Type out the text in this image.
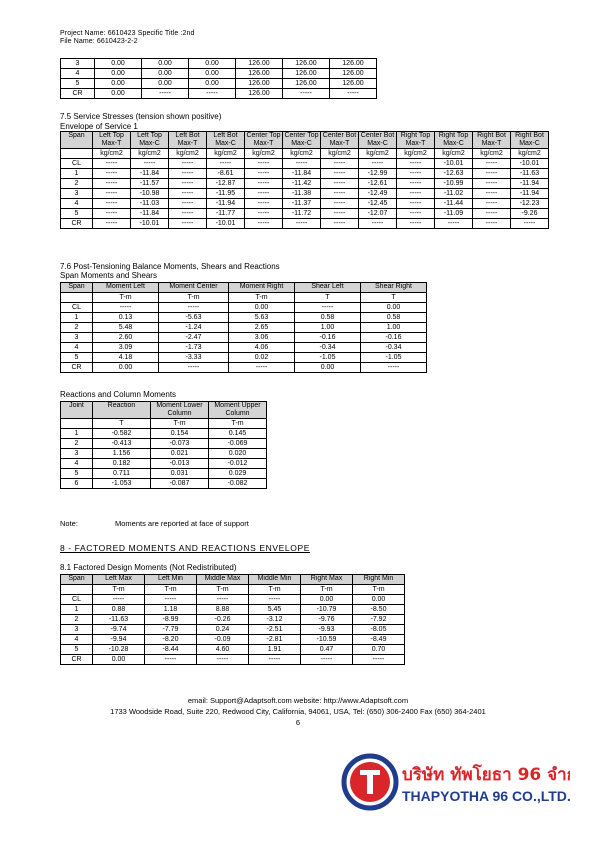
Project Name: 6610423 Specific Title :2nd
File Name: 6610423-2-2
3	0.00	0.00	0.00	126.00	126.00	126.00
4	0.00	0.00	0.00	126.00	126.00	126.00
5	0.00	0.00	0.00	126.00	126.00	126.00
CR	0.00	-----	-----	126.00	-----	-----
7.5 Service Stresses (tension shown positive)
Envelope of Service 1
Span	Left Top Max-T	Left Top Max-C	Left Bot Max-T	Left Bot Max-C	Center Top Max-T	Center Top Max-C	Center Bot Max-T	Center Bot Max-C	Right Top Max-T	Right Top Max-C	Right Bot Max-T	Right Bot Max-C
	kg/cm2	kg/cm2	kg/cm2	kg/cm2	kg/cm2	kg/cm2	kg/cm2	kg/cm2	kg/cm2	kg/cm2	kg/cm2	kg/cm2
CL	-----	-----	-----	-----	-----	-----	-----	-----	-----	-10.01	-----	-10.01
1	-----	-11.84	-----	-8.61	-----	-11.84	-----	-12.99	-----	-12.63	-----	-11.63
2	-----	-11.57	-----	-12.87	-----	-11.42	-----	-12.61	-----	-10.99	-----	-11.94
3	-----	-10.98	-----	-11.95	-----	-11.38	-----	-12.49	-----	-11.02	-----	-11.94
4	-----	-11.03	-----	-11.94	-----	-11.37	-----	-12.45	-----	-11.44	-----	-12.23
5	-----	-11.84	-----	-11.77	-----	-11.72	-----	-12.07	-----	-11.09	-----	-9.26
CR	-----	-10.01	-----	-10.01	-----	-----	-----	-----	-----	-----	-----	-----
7.6 Post-Tensioning Balance Moments, Shears and Reactions
Span Moments and Shears
Span	Moment Left	Moment Center	Moment Right	Shear Left	Shear Right
	T-m	T-m	T-m	T	T
CL	-----	-----	0.00	-----	0.00
1	0.13	-5.63	5.63	0.58	0.58
2	5.48	-1.24	2.65	1.00	1.00
3	2.60	-2.47	3.06	-0.16	-0.16
4	3.09	-1.73	4.06	-0.34	-0.34
5	4.18	-3.33	0.02	-1.05	-1.05
CR	0.00	-----	-----	0.00	-----
Reactions and Column Moments
Joint	Reaction	Moment Lower Column	Moment Upper Column
	T	T-m	T-m
1	-0.582	0.154	0.145
2	-0.413	-0.073	-0.069
3	1.156	0.021	0.020
4	0.182	-0.013	-0.012
5	0.711	0.031	0.029
6	-1.053	-0.087	-0.082
Note:	Moments are reported at face of support
8 - FACTORED MOMENTS AND REACTIONS ENVELOPE
8.1 Factored Design Moments (Not Redistributed)
Span	Left Max	Left Min	Middle Max	Middle Min	Right Max	Right Min
	T-m	T-m	T-m	T-m	T-m	T-m
CL	-----	-----	-----	-----	0.00	0.00
1	0.88	1.18	8.88	5.45	-10.79	-8.50
2	-11.63	-8.99	-0.26	-3.12	-9.76	-7.92
3	-9.74	-7.79	0.24	-2.51	-9.93	-8.05
4	-9.94	-8.20	-0.09	-2.81	-10.59	-8.49
5	-10.28	-8.44	4.60	1.91	0.47	0.70
CR	0.00	-----	-----	-----	-----	-----
email: Support@Adaptsoft.com website: http://www.Adaptsoft.com
1733 Woodside Road, Suite 220, Redwood City, California, 94061, USA, Tel: (650) 306-2400 Fax (650) 364-2401
6
บริษัท ทัพโยธา 96 จำกัด
THAPYOTHA 96 CO.,LTD.
